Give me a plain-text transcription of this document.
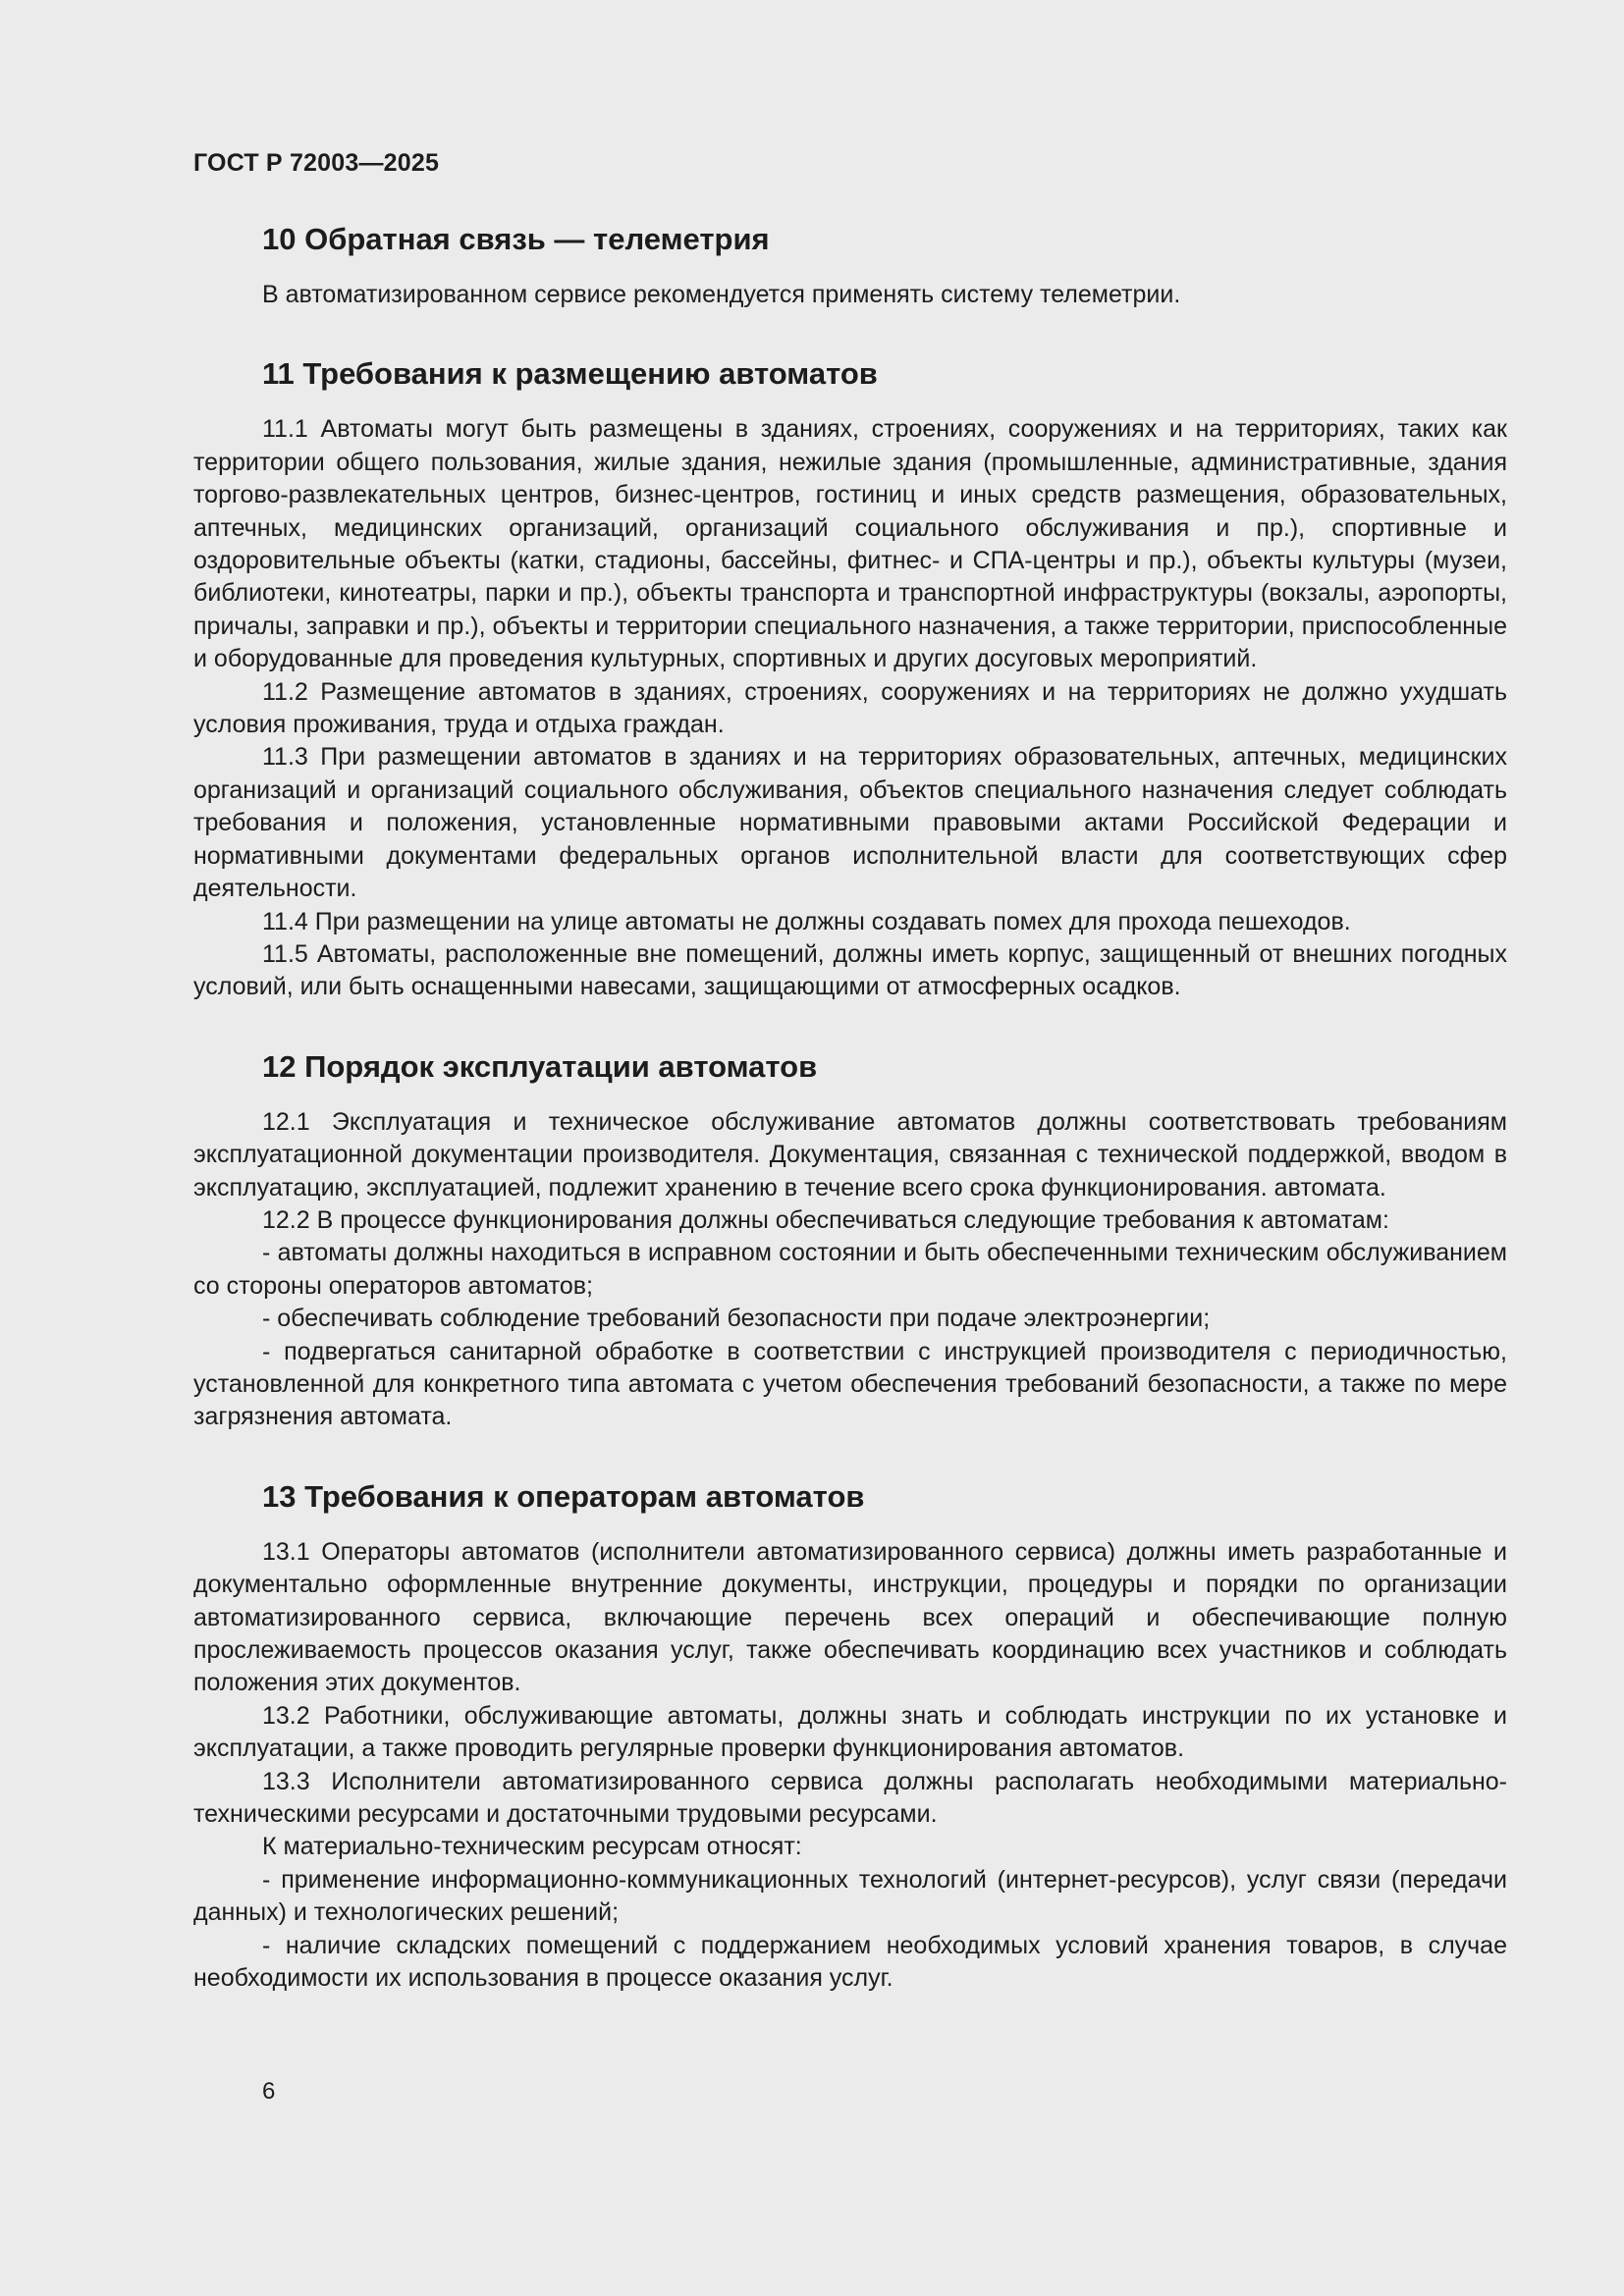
ГОСТ Р 72003—2025
10 Обратная связь — телеметрия

В автоматизированном сервисе рекомендуется применять систему телеметрии.

11 Требования к размещению автоматов

11.1 Автоматы могут быть размещены в зданиях, строениях, сооружениях и на территориях, таких как территории общего пользования, жилые здания, нежилые здания (промышленные, административные, здания торгово-развлекательных центров, бизнес-центров, гостиниц и иных средств размещения, образовательных, аптечных, медицинских организаций, организаций социального обслуживания и пр.), спортивные и оздоровительные объекты (катки, стадионы, бассейны, фитнес- и СПА-центры и пр.), объекты культуры (музеи, библиотеки, кинотеатры, парки и пр.), объекты транспорта и транспортной инфраструктуры (вокзалы, аэропорты, причалы, заправки и пр.), объекты и территории специального назначения, а также территории, приспособленные и оборудованные для проведения культурных, спортивных и других досуговых мероприятий.

11.2 Размещение автоматов в зданиях, строениях, сооружениях и на территориях не должно ухудшать условия проживания, труда и отдыха граждан.

11.3 При размещении автоматов в зданиях и на территориях образовательных, аптечных, медицинских организаций и организаций социального обслуживания, объектов специального назначения следует соблюдать требования и положения, установленные нормативными правовыми актами Российской Федерации и нормативными документами федеральных органов исполнительной власти для соответствующих сфер деятельности.

11.4 При размещении на улице автоматы не должны создавать помех для прохода пешеходов.

11.5 Автоматы, расположенные вне помещений, должны иметь корпус, защищенный от внешних погодных условий, или быть оснащенными навесами, защищающими от атмосферных осадков.

12 Порядок эксплуатации автоматов

12.1 Эксплуатация и техническое обслуживание автоматов должны соответствовать требованиям эксплуатационной документации производителя. Документация, связанная с технической поддержкой, вводом в эксплуатацию, эксплуатацией, подлежит хранению в течение всего срока функционирования. автомата.

12.2 В процессе функционирования должны обеспечиваться следующие требования к автоматам:

- автоматы должны находиться в исправном состоянии и быть обеспеченными техническим обслуживанием со стороны операторов автоматов;

- обеспечивать соблюдение требований безопасности при подаче электроэнергии;

- подвергаться санитарной обработке в соответствии с инструкцией производителя с периодичностью, установленной для конкретного типа автомата с учетом обеспечения требований безопасности, а также по мере загрязнения автомата.

13 Требования к операторам автоматов

13.1 Операторы автоматов (исполнители автоматизированного сервиса) должны иметь разработанные и документально оформленные внутренние документы, инструкции, процедуры и порядки по организации автоматизированного сервиса, включающие перечень всех операций и обеспечивающие полную прослеживаемость процессов оказания услуг, также обеспечивать координацию всех участников и соблюдать положения этих документов.

13.2 Работники, обслуживающие автоматы, должны знать и соблюдать инструкции по их установке и эксплуатации, а также проводить регулярные проверки функционирования автоматов.

13.3 Исполнители автоматизированного сервиса должны располагать необходимыми материально-техническими ресурсами и достаточными трудовыми ресурсами.

К материально-техническим ресурсам относят:

- применение информационно-коммуникационных технологий (интернет-ресурсов), услуг связи (передачи данных) и технологических решений;

- наличие складских помещений с поддержанием необходимых условий хранения товаров, в случае необходимости их использования в процессе оказания услуг.

6
